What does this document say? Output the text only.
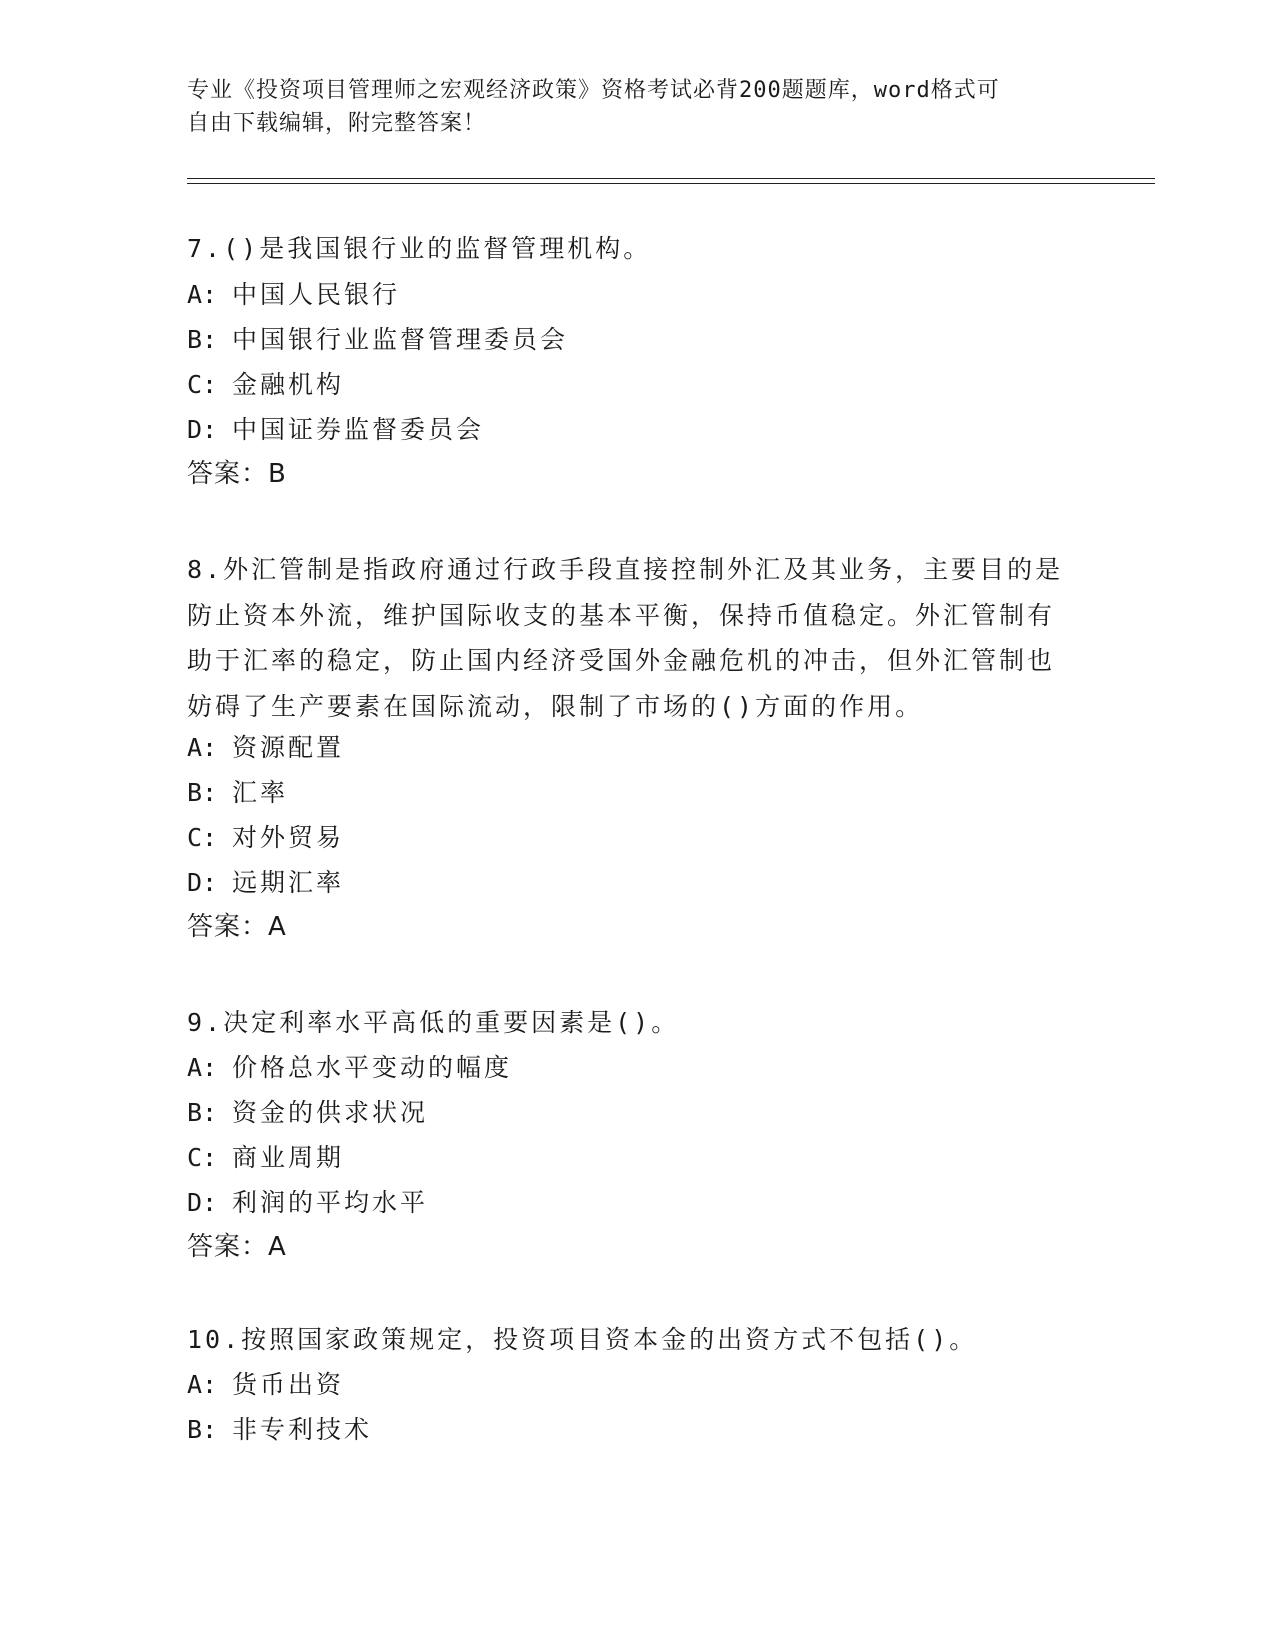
专业《投资项目管理师之宏观经济政策》资格考试必背200题题库，word格式可
自由下载编辑，附完整答案！
7.()是我国银行业的监督管理机构。
A: 中国人民银行
B: 中国银行业监督管理委员会
C: 金融机构
D: 中国证券监督委员会
答案：B
8.外汇管制是指政府通过行政手段直接控制外汇及其业务，主要目的是防止资本外流，维护国际收支的基本平衡，保持币值稳定。外汇管制有助于汇率的稳定，防止国内经济受国外金融危机的冲击，但外汇管制也妨碍了生产要素在国际流动，限制了市场的()方面的作用。
A: 资源配置
B: 汇率
C: 对外贸易
D: 远期汇率
答案：A
9.决定利率水平高低的重要因素是()。
A: 价格总水平变动的幅度
B: 资金的供求状况
C: 商业周期
D: 利润的平均水平
答案：A
10.按照国家政策规定，投资项目资本金的出资方式不包括()。
A: 货币出资
B: 非专利技术
